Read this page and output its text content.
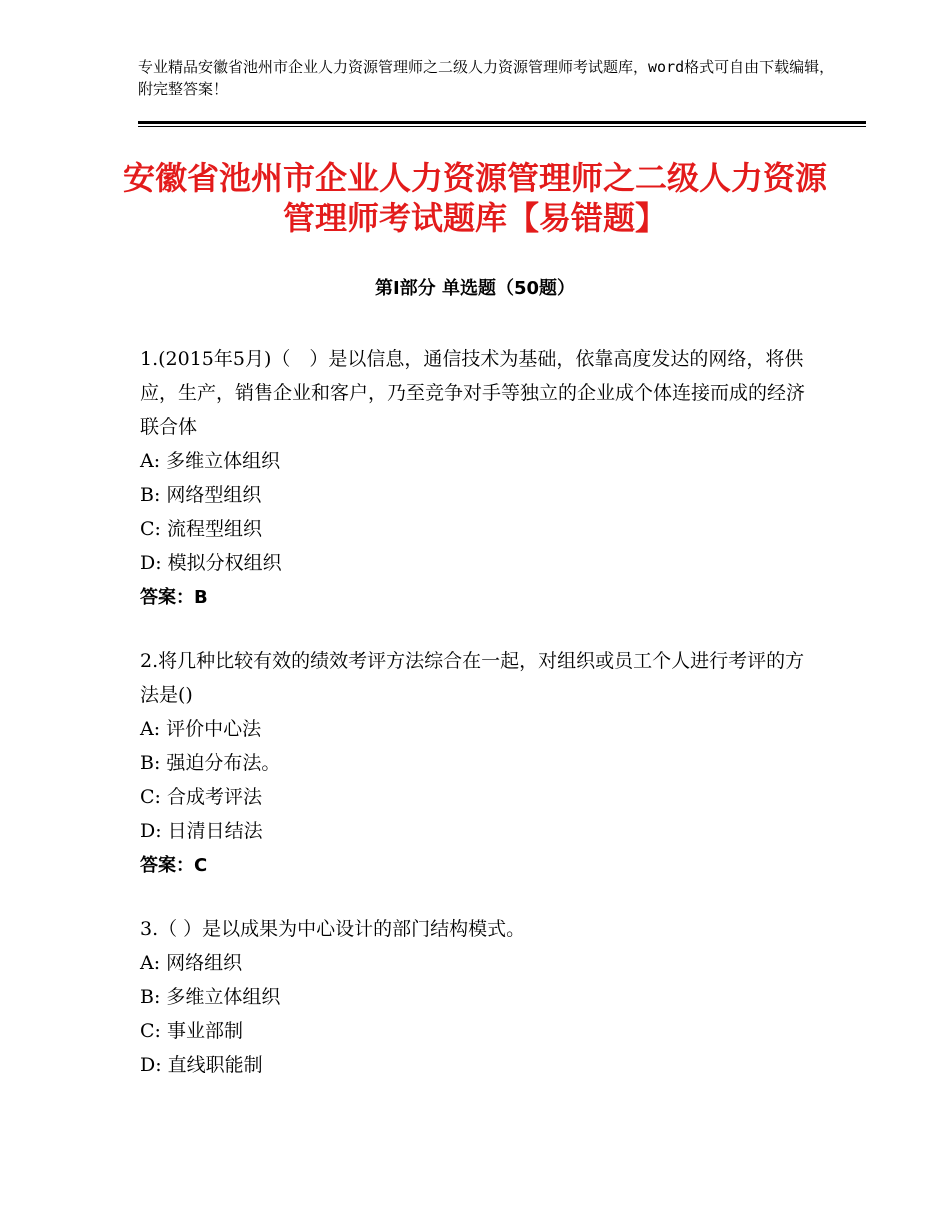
专业精品安徽省池州市企业人力资源管理师之二级人力资源管理师考试题库，word格式可自由下载编辑，附完整答案！
安徽省池州市企业人力资源管理师之二级人力资源管理师考试题库【易错题】
第Ⅰ部分 单选题（50题）
1.(2015年5月)（　）是以信息，通信技术为基础，依靠高度发达的网络，将供应，生产，销售企业和客户，乃至竞争对手等独立的企业成个体连接而成的经济联合体
A: 多维立体组织
B: 网络型组织
C: 流程型组织
D: 模拟分权组织
答案：B
2.将几种比较有效的绩效考评方法综合在一起，对组织或员工个人进行考评的方法是()
A: 评价中心法
B: 强迫分布法。
C: 合成考评法
D: 日清日结法
答案：C
3.（ ）是以成果为中心设计的部门结构模式。
A: 网络组织
B: 多维立体组织
C: 事业部制
D: 直线职能制
